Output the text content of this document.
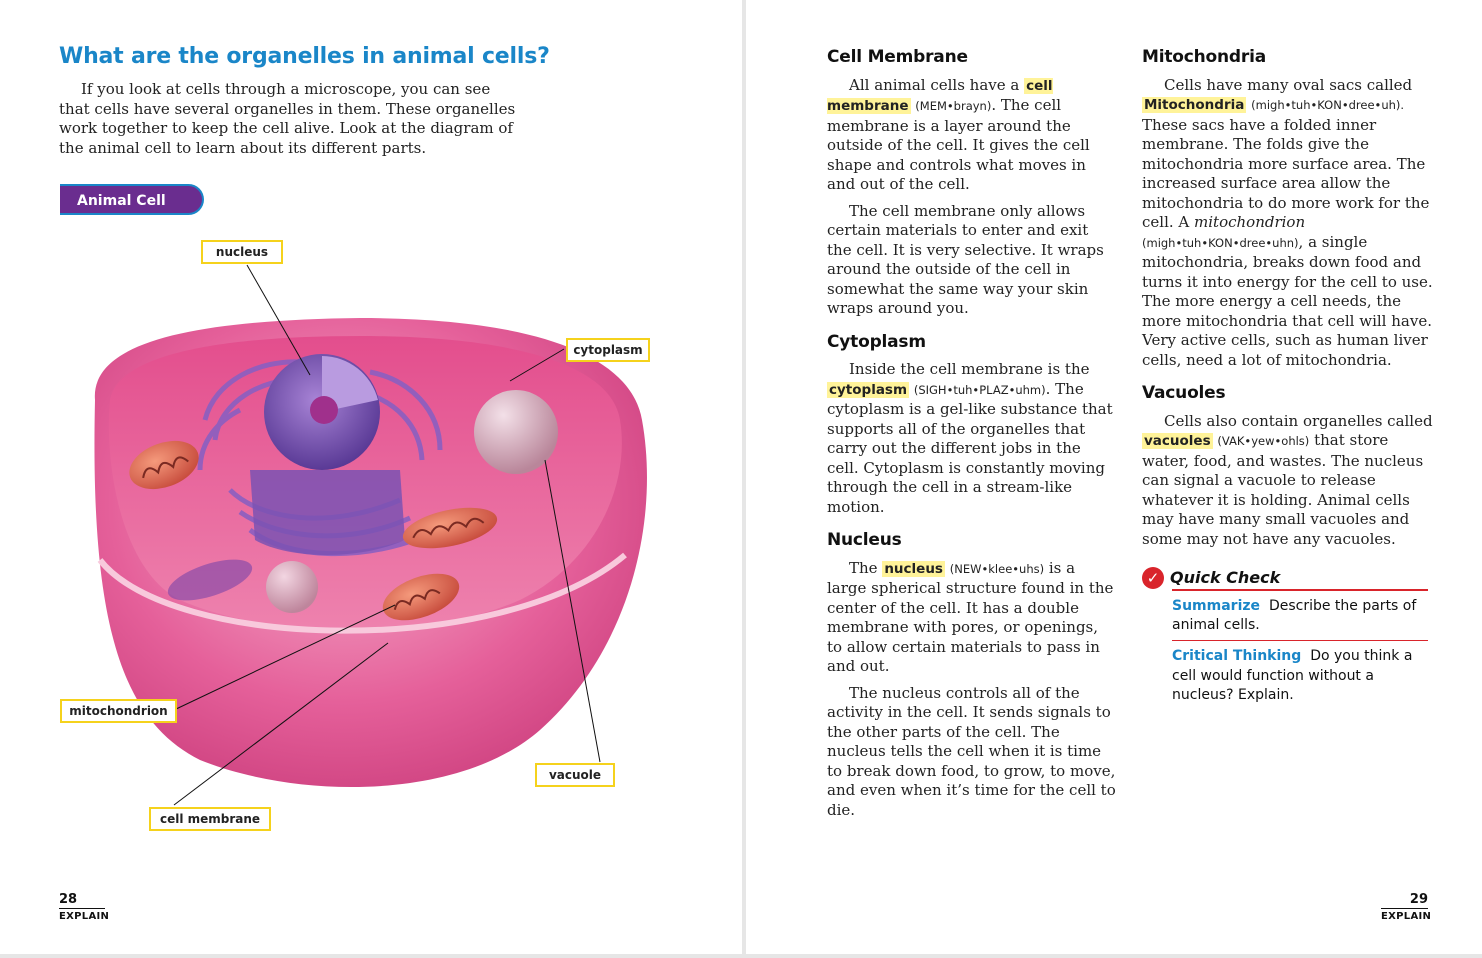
What are the organelles in animal cells?

If you look at cells through a microscope, you can see that cells have several organelles in them. These organelles work together to keep the cell alive. Look at the diagram of the animal cell to learn about its different parts.

Animal Cell
nucleus
cytoplasm
mitochondrion
vacuole
cell membrane
28
EXPLAIN
Cell Membrane

All animal cells have a cell membrane (MEM•brayn). The cell membrane is a layer around the outside of the cell. It gives the cell shape and controls what moves in and out of the cell.

The cell membrane only allows certain materials to enter and exit the cell. It is very selective. It wraps around the outside of the cell in somewhat the same way your skin wraps around you.

Cytoplasm

Inside the cell membrane is the cytoplasm (SIGH•tuh•PLAZ•uhm). The cytoplasm is a gel-like substance that supports all of the organelles that carry out the different jobs in the cell. Cytoplasm is constantly moving through the cell in a stream-like motion.

Nucleus

The nucleus (NEW•klee•uhs) is a large spherical structure found in the center of the cell. It has a double membrane with pores, or openings, to allow certain materials to pass in and out.

The nucleus controls all of the activity in the cell. It sends signals to the other parts of the cell. The nucleus tells the cell when it is time to break down food, to grow, to move, and even when it’s time for the cell to die.

Mitochondria

Cells have many oval sacs called Mitochondria (migh•tuh•KON•dree•uh). These sacs have a folded inner membrane. The folds give the mitochondria more surface area. The increased surface area allow the mitochondria to do more work for the cell. A mitochondrion (migh•tuh•KON•dree•uhn), a single mitochondria, breaks down food and turns it into energy for the cell to use. The more energy a cell needs, the more mitochondria that cell will have. Very active cells, such as human liver cells, need a lot of mitochondria.

Vacuoles

Cells also contain organelles called vacuoles (VAK•yew•ohls) that store water, food, and wastes. The nucleus can signal a vacuole to release whatever it is holding. Animal cells may have many small vacuoles and some may not have any vacuoles.

✓ Quick Check
Summarize Describe the parts of animal cells.
Critical Thinking Do you think a cell would function without a nucleus? Explain.
29
EXPLAIN
